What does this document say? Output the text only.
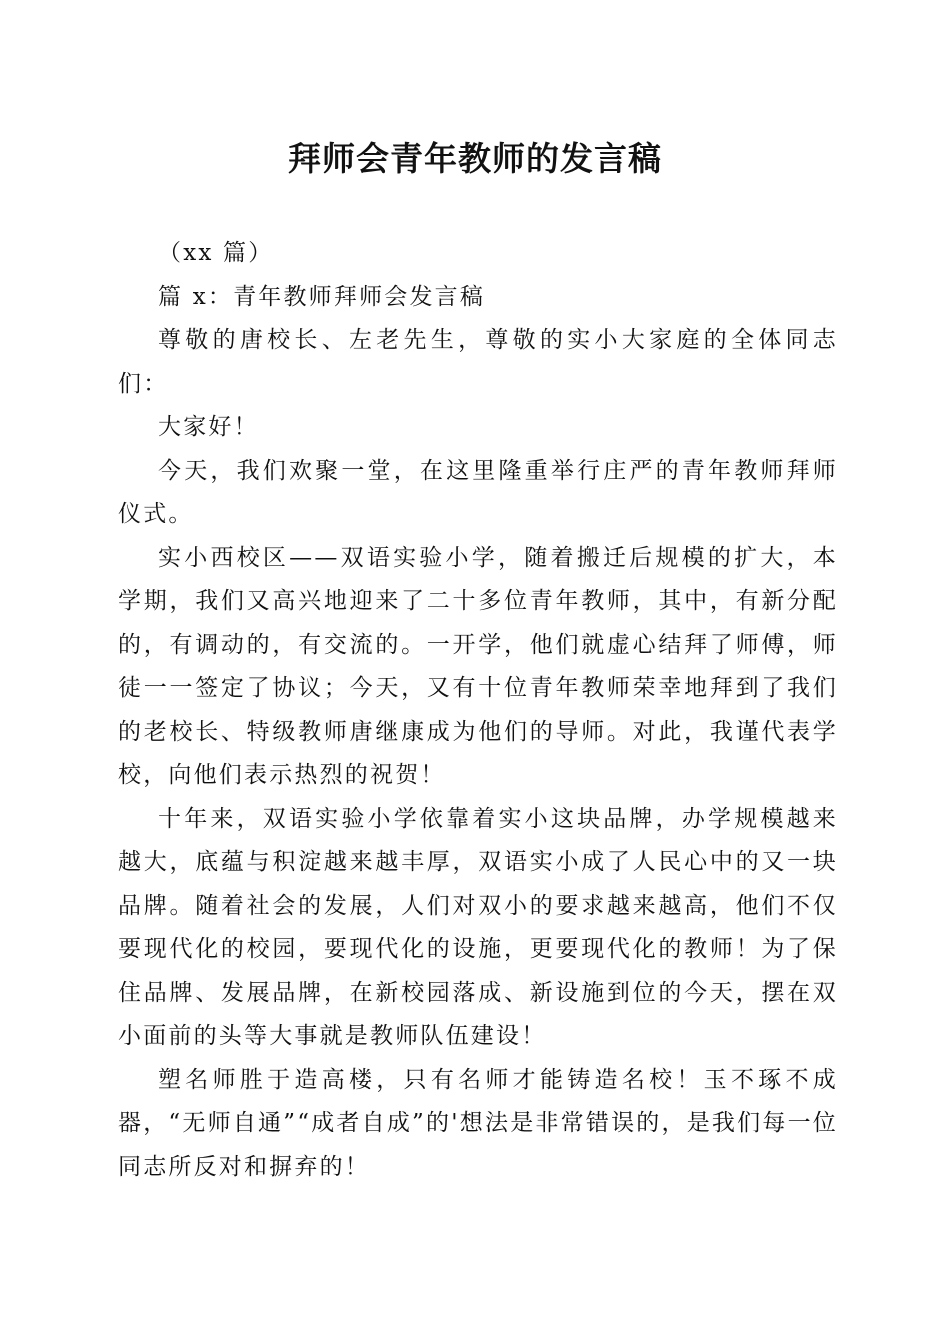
拜师会青年教师的发言稿

（xx 篇）

篇 x：青年教师拜师会发言稿

尊敬的唐校长、左老先生，尊敬的实小大家庭的全体同志们：

大家好！

今天，我们欢聚一堂，在这里隆重举行庄严的青年教师拜师仪式。

实小西校区——双语实验小学，随着搬迁后规模的扩大，本学期，我们又高兴地迎来了二十多位青年教师，其中，有新分配的，有调动的，有交流的。一开学，他们就虚心结拜了师傅，师徒一一签定了协议；今天，又有十位青年教师荣幸地拜到了我们的老校长、特级教师唐继康成为他们的导师。对此，我谨代表学校，向他们表示热烈的祝贺！

十年来，双语实验小学依靠着实小这块品牌，办学规模越来越大，底蕴与积淀越来越丰厚，双语实小成了人民心中的又一块品牌。随着社会的发展，人们对双小的要求越来越高，他们不仅要现代化的校园，要现代化的设施，更要现代化的教师！为了保住品牌、发展品牌，在新校园落成、新设施到位的今天，摆在双小面前的头等大事就是教师队伍建设！

塑名师胜于造高楼，只有名师才能铸造名校！玉不琢不成器，“无师自通”“成者自成”的'想法是非常错误的，是我们每一位同志所反对和摒弃的！
